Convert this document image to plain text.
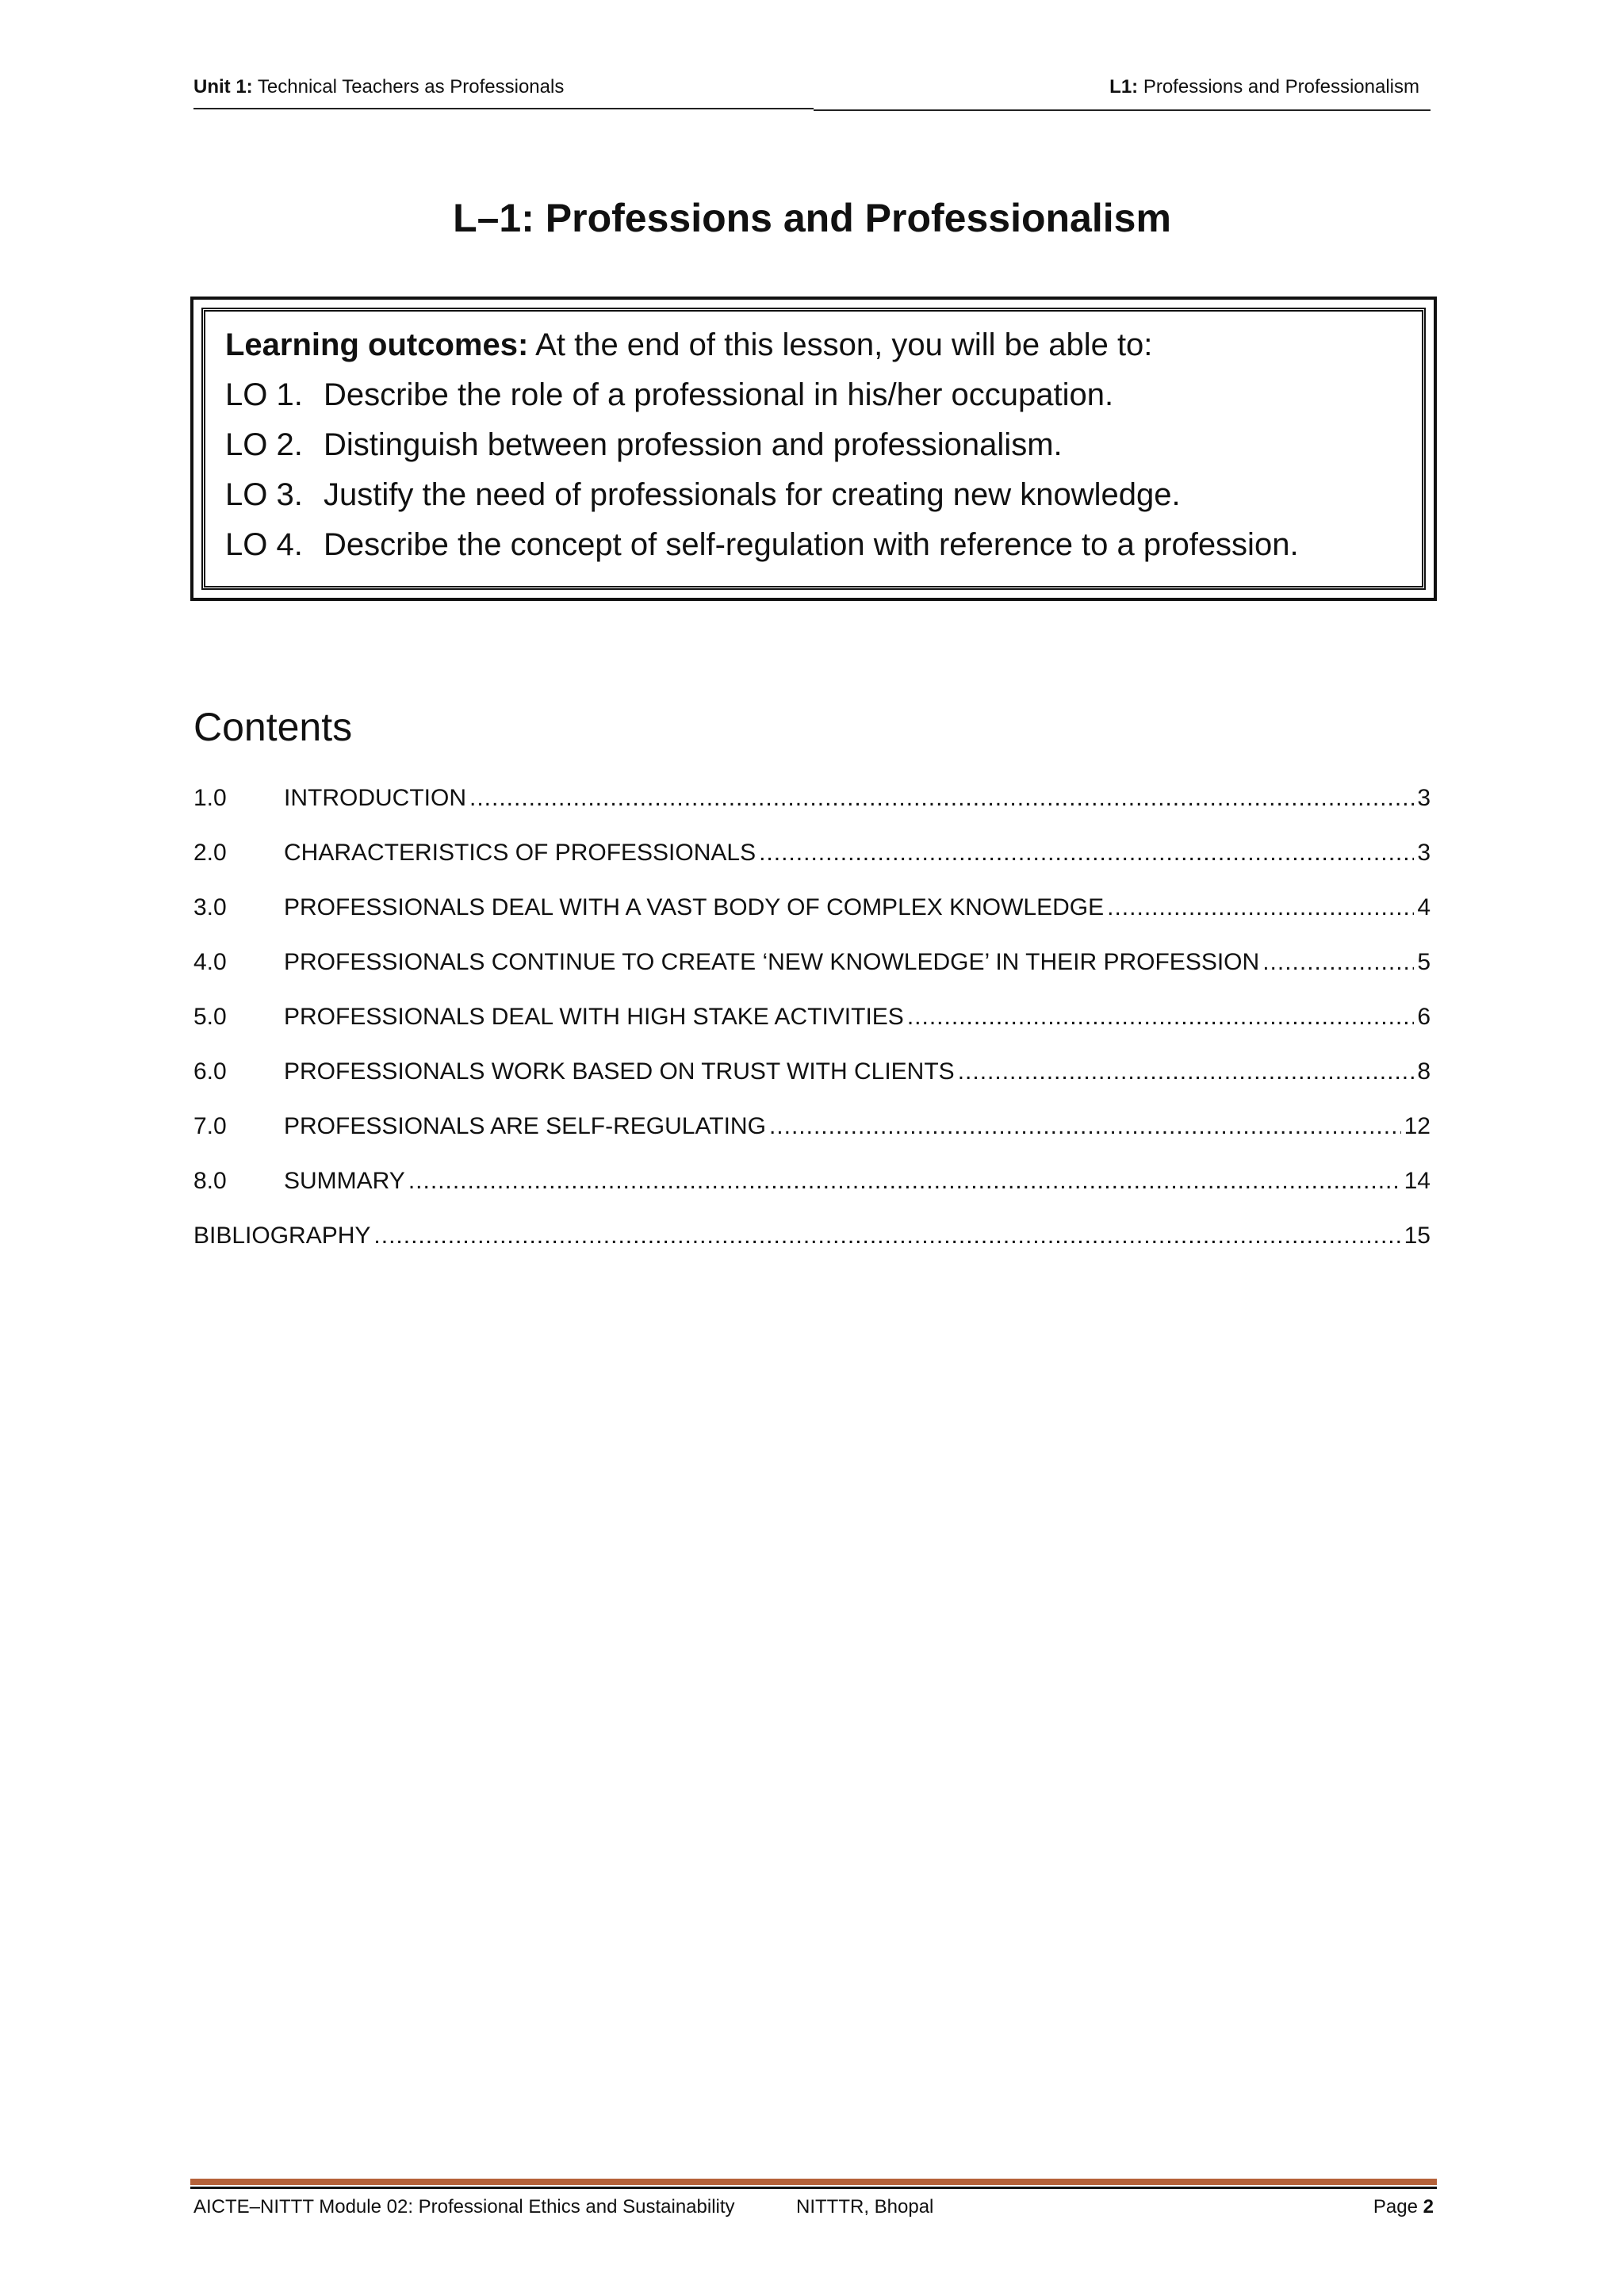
Unit 1: Technical Teachers as Professionals	L1: Professions and Professionalism
L–1: Professions and Professionalism
Learning outcomes: At the end of this lesson, you will be able to:
LO 1. Describe the role of a professional in his/her occupation.
LO 2. Distinguish between profession and professionalism.
LO 3. Justify the need of professionals for creating new knowledge.
LO 4. Describe the concept of self-regulation with reference to a profession.
Contents
1.0	INTRODUCTION .....	3
2.0	CHARACTERISTICS OF PROFESSIONALS .....	3
3.0	PROFESSIONALS DEAL WITH A VAST BODY OF COMPLEX KNOWLEDGE .....	4
4.0	PROFESSIONALS CONTINUE TO CREATE ‘NEW KNOWLEDGE’ IN THEIR PROFESSION .....	5
5.0	PROFESSIONALS DEAL WITH HIGH STAKE ACTIVITIES .....	6
6.0	PROFESSIONALS WORK BASED ON TRUST WITH CLIENTS .....	8
7.0	PROFESSIONALS ARE SELF-REGULATING .....	12
8.0	SUMMARY .....	14
BIBLIOGRAPHY .....	15
AICTE–NITTT Module 02: Professional Ethics and Sustainability	NITTTR, Bhopal	Page 2
